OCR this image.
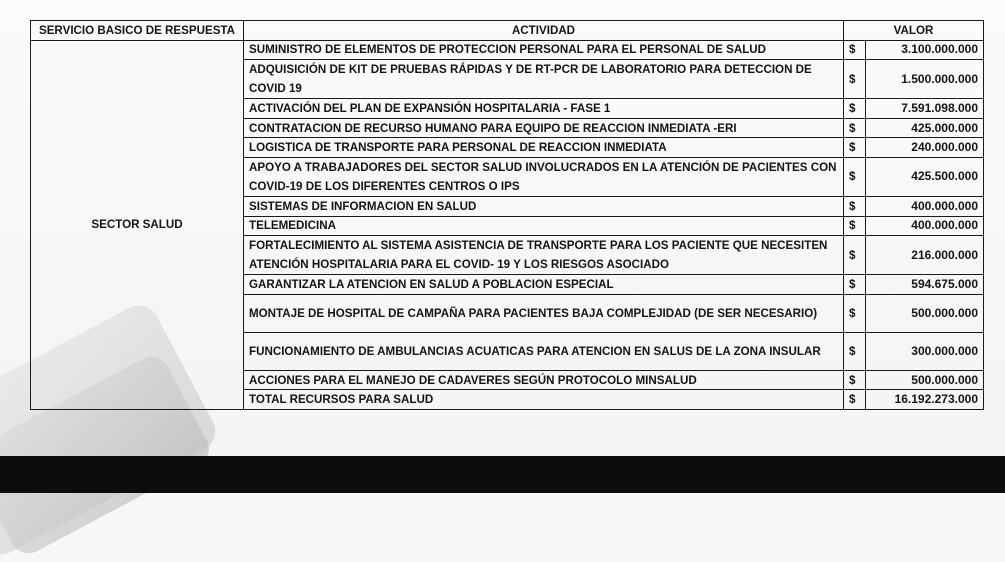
SERVICIO BASICO DE RESPUESTA	ACTIVIDAD	VALOR	
SECTOR SALUD	SUMINISTRO DE ELEMENTOS DE PROTECCION PERSONAL PARA EL PERSONAL DE SALUD	$	3.100.000.000
	ADQUISICIÓN DE KIT DE PRUEBAS RÁPIDAS Y DE RT-PCR DE LABORATORIO PARA DETECCION DE COVID 19	$	1.500.000.000
	ACTIVACIÓN DEL PLAN DE EXPANSIÓN HOSPITALARIA - FASE 1	$	7.591.098.000
	CONTRATACION DE RECURSO HUMANO PARA EQUIPO DE REACCION INMEDIATA -ERI	$	425.000.000
	LOGISTICA DE TRANSPORTE PARA PERSONAL DE REACCION INMEDIATA	$	240.000.000
	APOYO A TRABAJADORES DEL SECTOR SALUD INVOLUCRADOS EN LA ATENCIÓN DE PACIENTES CON COVID-19 DE LOS DIFERENTES CENTROS O IPS	$	425.500.000
	SISTEMAS DE INFORMACION EN SALUD	$	400.000.000
	TELEMEDICINA	$	400.000.000
	FORTALECIMIENTO AL SISTEMA ASISTENCIA DE TRANSPORTE PARA LOS PACIENTE QUE NECESITEN ATENCIÓN HOSPITALARIA PARA EL COVID- 19 Y LOS RIESGOS ASOCIADO	$	216.000.000
	GARANTIZAR LA ATENCION EN SALUD A POBLACION ESPECIAL	$	594.675.000
	MONTAJE DE HOSPITAL DE CAMPAÑA PARA PACIENTES BAJA COMPLEJIDAD (DE SER NECESARIO)	$	500.000.000
	FUNCIONAMIENTO DE AMBULANCIAS ACUATICAS PARA ATENCION EN SALUS DE LA ZONA INSULAR	$	300.000.000
	ACCIONES PARA EL MANEJO DE CADAVERES SEGÚN PROTOCOLO MINSALUD	$	500.000.000
	TOTAL RECURSOS PARA SALUD	$	16.192.273.000
